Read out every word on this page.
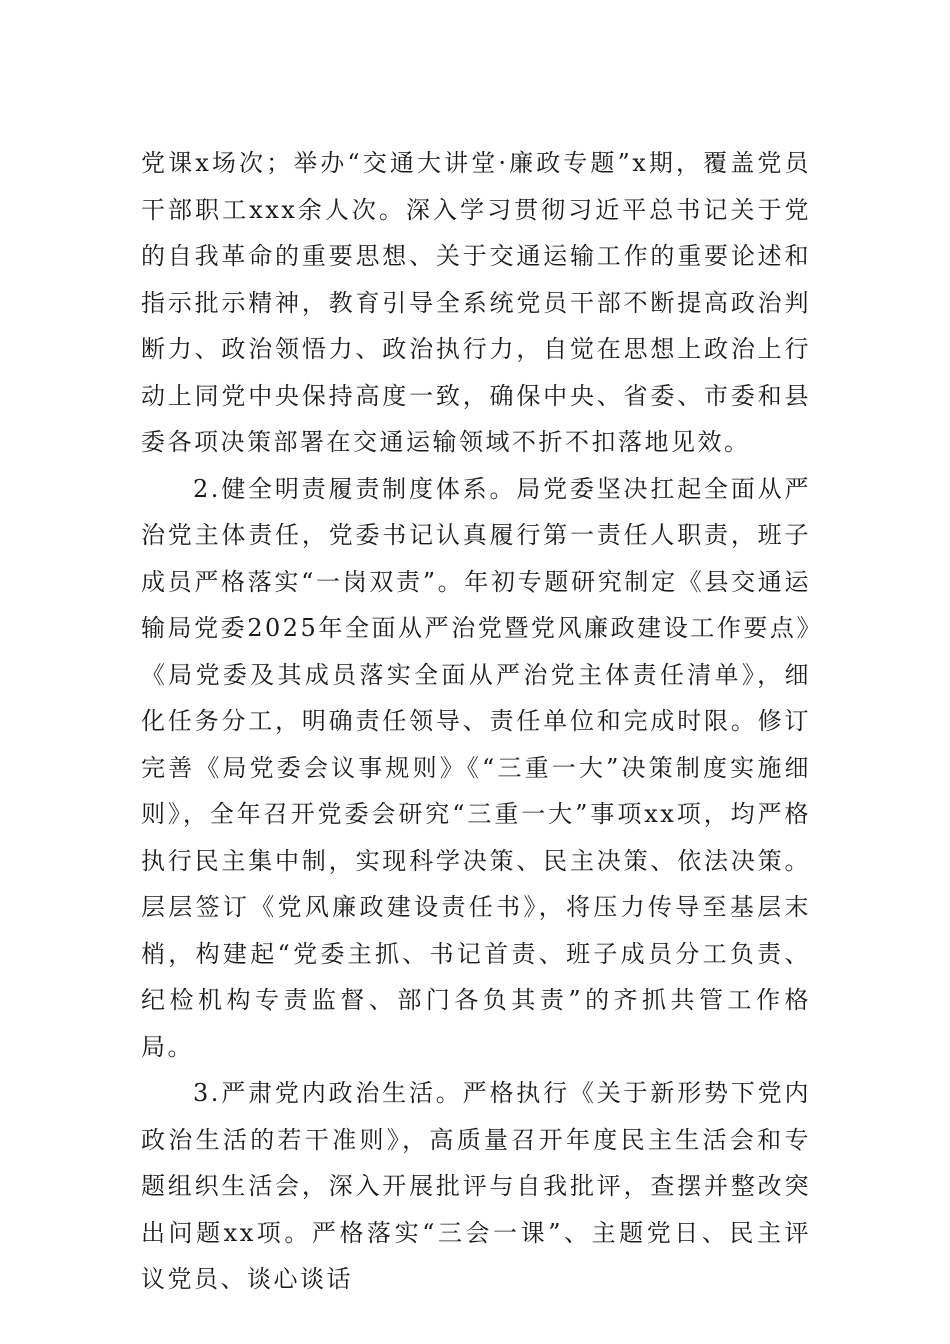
党课x场次；举办“交通大讲堂·廉政专题”x期，覆盖党员干部职工xxx余人次。深入学习贯彻习近平总书记关于党的自我革命的重要思想、关于交通运输工作的重要论述和指示批示精神，教育引导全系统党员干部不断提高政治判断力、政治领悟力、政治执行力，自觉在思想上政治上行动上同党中央保持高度一致，确保中央、省委、市委和县委各项决策部署在交通运输领域不折不扣落地见效。

2.健全明责履责制度体系。局党委坚决扛起全面从严治党主体责任，党委书记认真履行第一责任人职责，班子成员严格落实“一岗双责”。年初专题研究制定《县交通运输局党委2025年全面从严治党暨党风廉政建设工作要点》《局党委及其成员落实全面从严治党主体责任清单》，细化任务分工，明确责任领导、责任单位和完成时限。修订完善《局党委会议事规则》《“三重一大”决策制度实施细则》，全年召开党委会研究“三重一大”事项xx项，均严格执行民主集中制，实现科学决策、民主决策、依法决策。层层签订《党风廉政建设责任书》，将压力传导至基层末梢，构建起“党委主抓、书记首责、班子成员分工负责、纪检机构专责监督、部门各负其责”的齐抓共管工作格局。

3.严肃党内政治生活。严格执行《关于新形势下党内政治生活的若干准则》，高质量召开年度民主生活会和专题组织生活会，深入开展批评与自我批评，查摆并整改突出问题xx项。严格落实“三会一课”、主题党日、民主评议党员、谈心谈话
